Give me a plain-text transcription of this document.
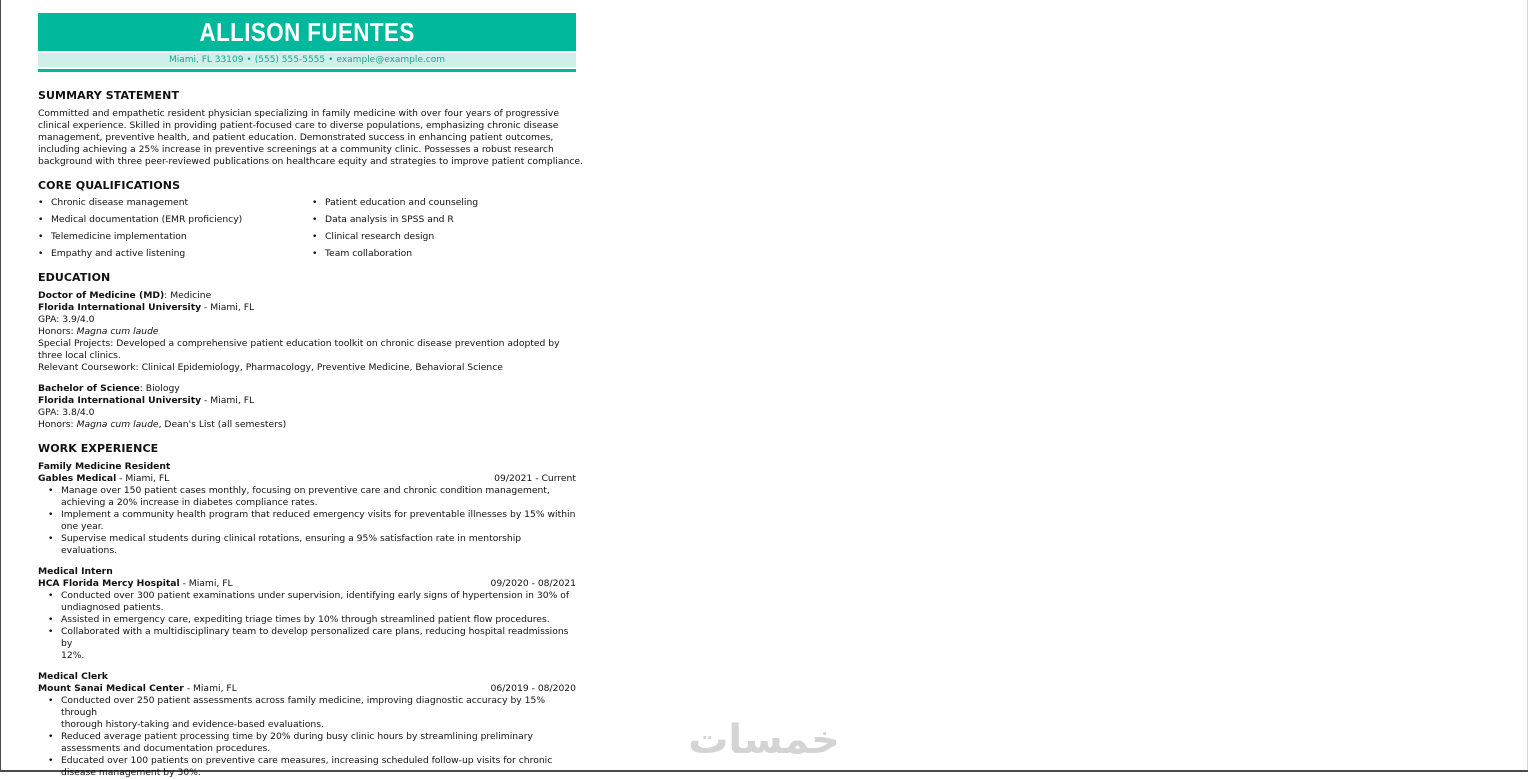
ALLISON FUENTES
Miami, FL 33109 • (555) 555-5555 • example@example.com
SUMMARY STATEMENT
Committed and empathetic resident physician specializing in family medicine with over four years of progressive
clinical experience. Skilled in providing patient-focused care to diverse populations, emphasizing chronic disease
management, preventive health, and patient education. Demonstrated success in enhancing patient outcomes,
including achieving a 25% increase in preventive screenings at a community clinic. Possesses a robust research
background with three peer-reviewed publications on healthcare equity and strategies to improve patient compliance.
CORE QUALIFICATIONS
• Chronic disease management
• Medical documentation (EMR proficiency)
• Telemedicine implementation
• Empathy and active listening
• Patient education and counseling
• Data analysis in SPSS and R
• Clinical research design
• Team collaboration
EDUCATION
Doctor of Medicine (MD): Medicine
Florida International University - Miami, FL
GPA: 3.9/4.0
Honors: Magna cum laude
Special Projects: Developed a comprehensive patient education toolkit on chronic disease prevention adopted by
three local clinics.
Relevant Coursework: Clinical Epidemiology, Pharmacology, Preventive Medicine, Behavioral Science
Bachelor of Science: Biology
Florida International University - Miami, FL
GPA: 3.8/4.0
Honors: Magna cum laude, Dean's List (all semesters)
WORK EXPERIENCE
Family Medicine Resident
Gables Medical - Miami, FL	09/2021 - Current
• Manage over 150 patient cases monthly, focusing on preventive care and chronic condition management,
achieving a 20% increase in diabetes compliance rates.
• Implement a community health program that reduced emergency visits for preventable illnesses by 15% within
one year.
• Supervise medical students during clinical rotations, ensuring a 95% satisfaction rate in mentorship evaluations.
Medical Intern
HCA Florida Mercy Hospital - Miami, FL	09/2020 - 08/2021
• Conducted over 300 patient examinations under supervision, identifying early signs of hypertension in 30% of
undiagnosed patients.
• Assisted in emergency care, expediting triage times by 10% through streamlined patient flow procedures.
• Collaborated with a multidisciplinary team to develop personalized care plans, reducing hospital readmissions by
12%.
Medical Clerk
Mount Sanai Medical Center - Miami, FL	06/2019 - 08/2020
• Conducted over 250 patient assessments across family medicine, improving diagnostic accuracy by 15% through
thorough history-taking and evidence-based evaluations.
• Reduced average patient processing time by 20% during busy clinic hours by streamlining preliminary
assessments and documentation procedures.
• Educated over 100 patients on preventive care measures, increasing scheduled follow-up visits for chronic
disease management by 30%.
خمسات
